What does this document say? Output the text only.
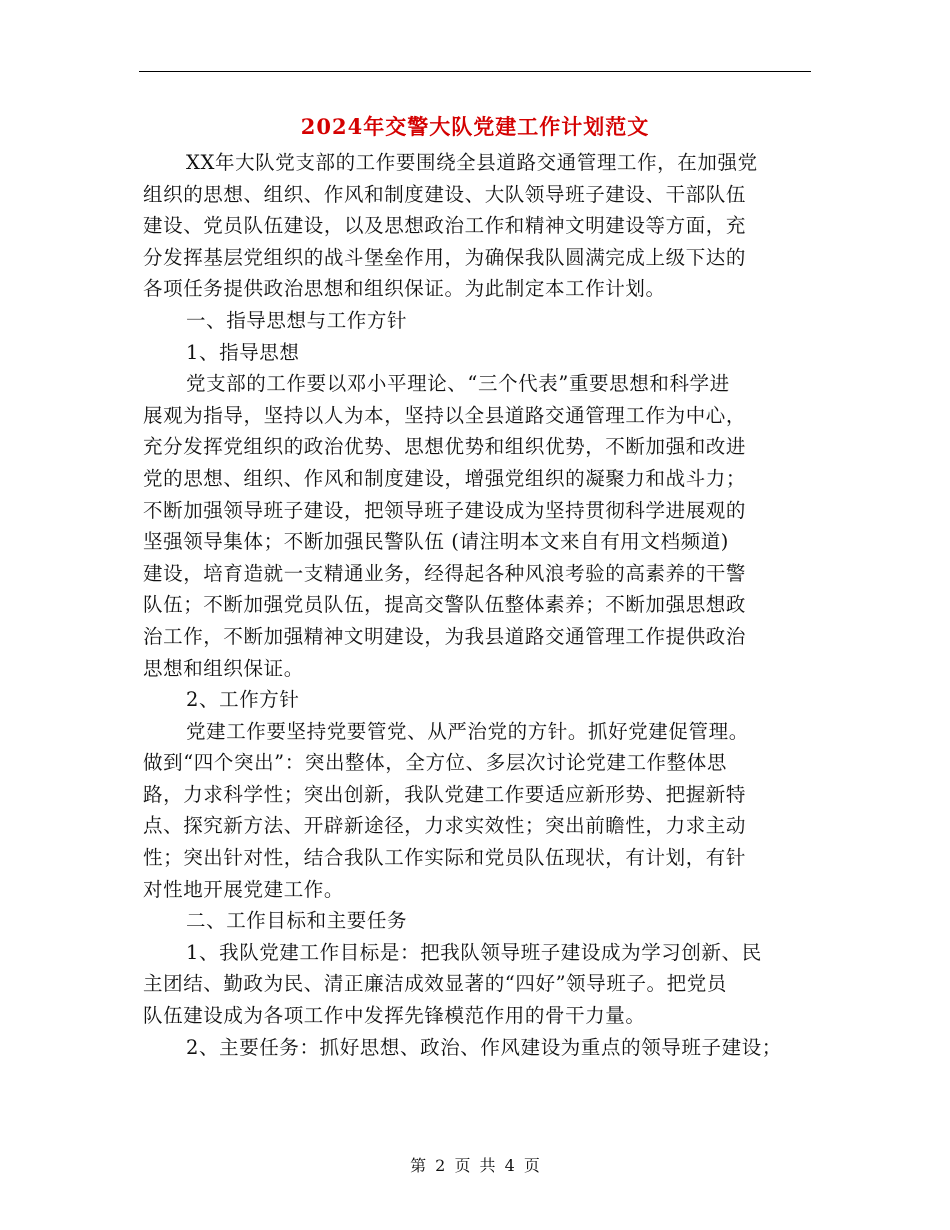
2024年交警大队党建工作计划范文

XX年大队党支部的工作要围绕全县道路交通管理工作，在加强党
组织的思想、组织、作风和制度建设、大队领导班子建设、干部队伍
建设、党员队伍建设，以及思想政治工作和精神文明建设等方面，充
分发挥基层党组织的战斗堡垒作用，为确保我队圆满完成上级下达的
各项任务提供政治思想和组织保证。为此制定本工作计划。

一、指导思想与工作方针

1、指导思想

党支部的工作要以邓小平理论、“三个代表”重要思想和科学进
展观为指导，坚持以人为本，坚持以全县道路交通管理工作为中心，
充分发挥党组织的政治优势、思想优势和组织优势，不断加强和改进
党的思想、组织、作风和制度建设，增强党组织的凝聚力和战斗力；
不断加强领导班子建设，把领导班子建设成为坚持贯彻科学进展观的
坚强领导集体；不断加强民警队伍 (请注明本文来自有用文档频道)
建设，培育造就一支精通业务，经得起各种风浪考验的高素养的干警
队伍；不断加强党员队伍，提高交警队伍整体素养；不断加强思想政
治工作，不断加强精神文明建设，为我县道路交通管理工作提供政治
思想和组织保证。

2、工作方针

党建工作要坚持党要管党、从严治党的方针。抓好党建促管理。
做到“四个突出”：突出整体，全方位、多层次讨论党建工作整体思
路，力求科学性；突出创新，我队党建工作要适应新形势、把握新特
点、探究新方法、开辟新途径，力求实效性；突出前瞻性，力求主动
性；突出针对性，结合我队工作实际和党员队伍现状，有计划，有针
对性地开展党建工作。

二、工作目标和主要任务

1、我队党建工作目标是：把我队领导班子建设成为学习创新、民
主团结、勤政为民、清正廉洁成效显著的“四好”领导班子。把党员
队伍建设成为各项工作中发挥先锋模范作用的骨干力量。

2、主要任务：抓好思想、政治、作风建设为重点的领导班子建设；

第 2 页 共 4 页
